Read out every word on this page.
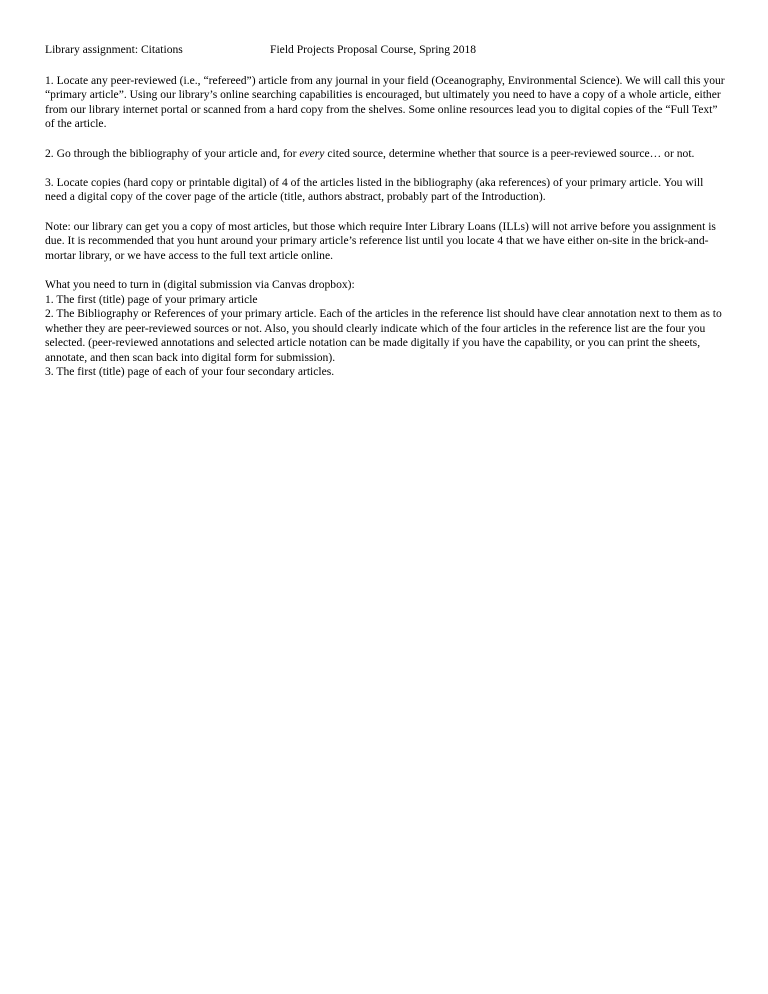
Library assignment: Citations	Field Projects Proposal Course, Spring 2018

1. Locate any peer-reviewed (i.e., “refereed”) article from any journal in your field (Oceanography, Environmental Science). We will call this your “primary article”. Using our library’s online searching capabilities is encouraged, but ultimately you need to have a copy of a whole article, either from our library internet portal or scanned from a hard copy from the shelves. Some online resources lead you to digital copies of the “Full Text” of the article.

2. Go through the bibliography of your article and, for every cited source, determine whether that source is a peer-reviewed source… or not.

3. Locate copies (hard copy or printable digital) of 4 of the articles listed in the bibliography (aka references) of your primary article. You will need a digital copy of the cover page of the article (title, authors abstract, probably part of the Introduction).

Note: our library can get you a copy of most articles, but those which require Inter Library Loans (ILLs) will not arrive before you assignment is due. It is recommended that you hunt around your primary article’s reference list until you locate 4 that we have either on-site in the brick-and-mortar library, or we have access to the full text article online.

What you need to turn in (digital submission via Canvas dropbox):

1. The first (title) page of your primary article

2. The Bibliography or References of your primary article. Each of the articles in the reference list should have clear annotation next to them as to whether they are peer-reviewed sources or not. Also, you should clearly indicate which of the four articles in the reference list are the four you selected. (peer-reviewed annotations and selected article notation can be made digitally if you have the capability, or you can print the sheets, annotate, and then scan back into digital form for submission).

3. The first (title) page of each of your four secondary articles.
